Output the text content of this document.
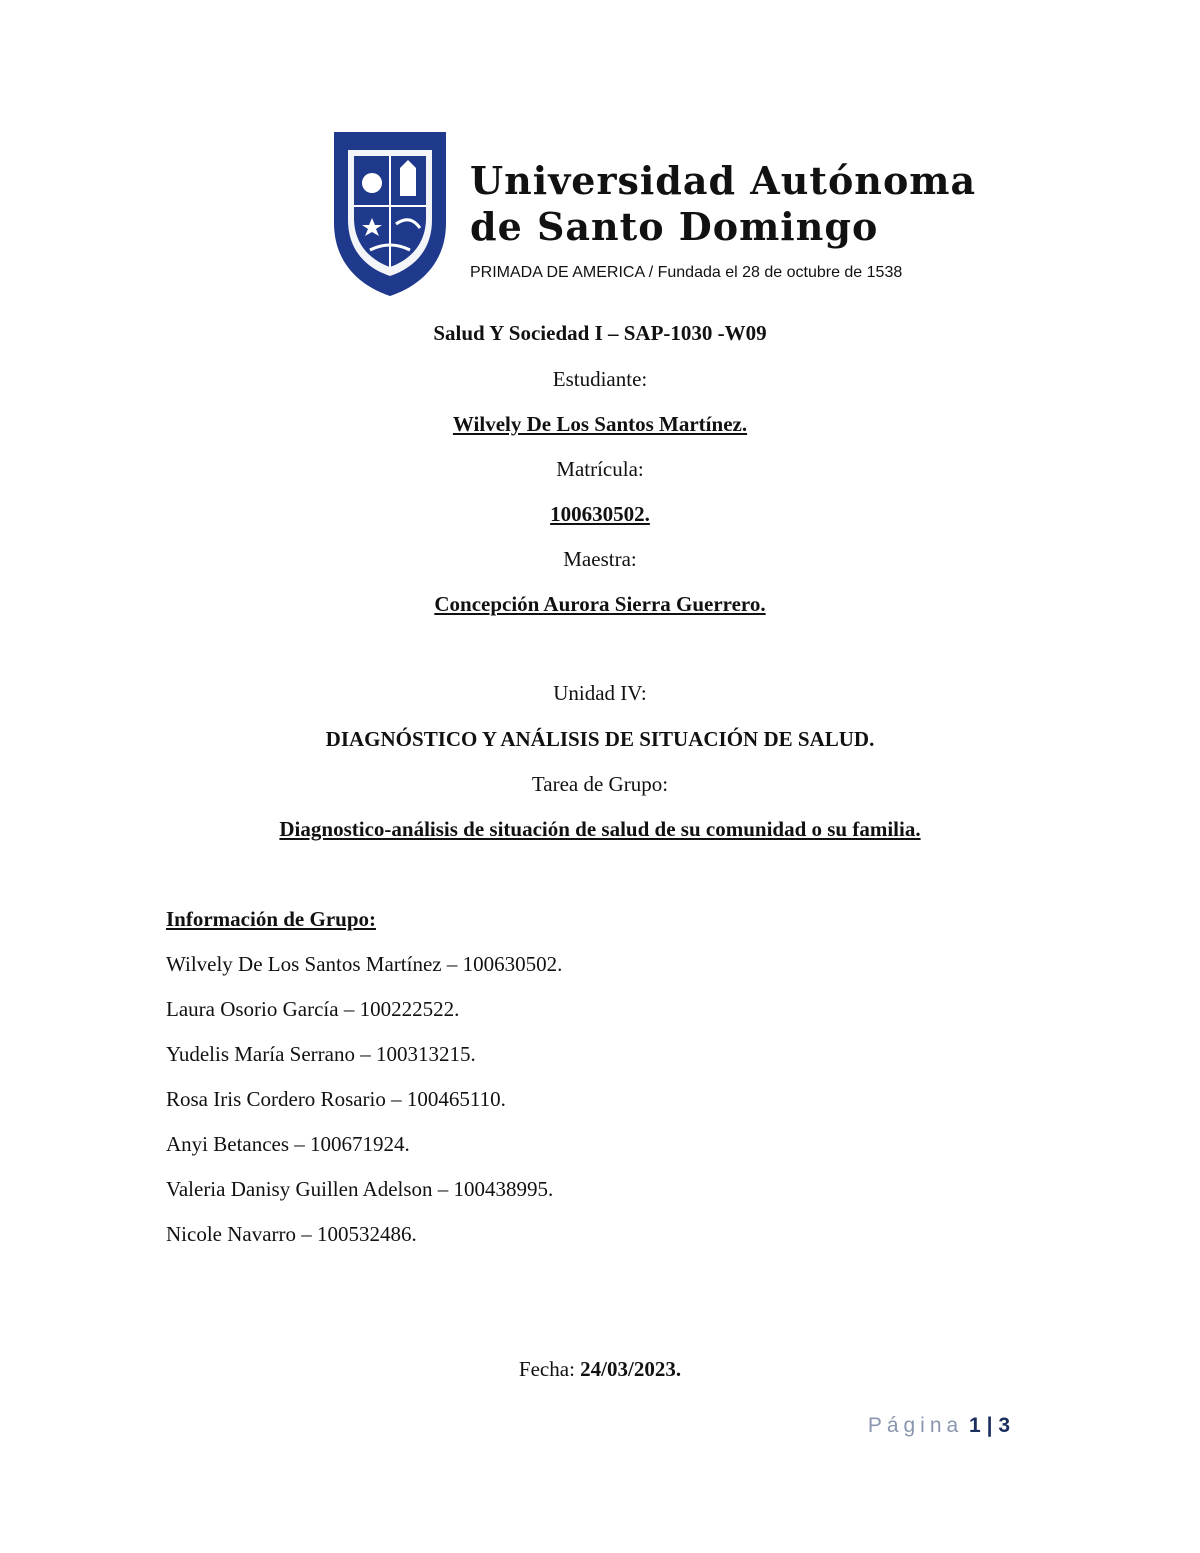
Universidad Autónoma
de Santo Domingo
PRIMADA DE AMERICA / Fundada el 28 de octubre de 1538
Salud Y Sociedad I – SAP-1030 -W09
Estudiante:
Wilvely De Los Santos Martínez.
Matrícula:
100630502.
Maestra:
Concepción Aurora Sierra Guerrero.
Unidad IV:
DIAGNÓSTICO Y ANÁLISIS DE SITUACIÓN DE SALUD.
Tarea de Grupo:
Diagnostico-análisis de situación de salud de su comunidad o su familia.
Información de Grupo:
Wilvely De Los Santos Martínez – 100630502.
Laura Osorio García – 100222522.
Yudelis María Serrano – 100313215.
Rosa Iris Cordero Rosario – 100465110.
Anyi Betances – 100671924.
Valeria Danisy Guillen Adelson – 100438995.
Nicole Navarro – 100532486.
Fecha: 24/03/2023.
Página 1 | 3
